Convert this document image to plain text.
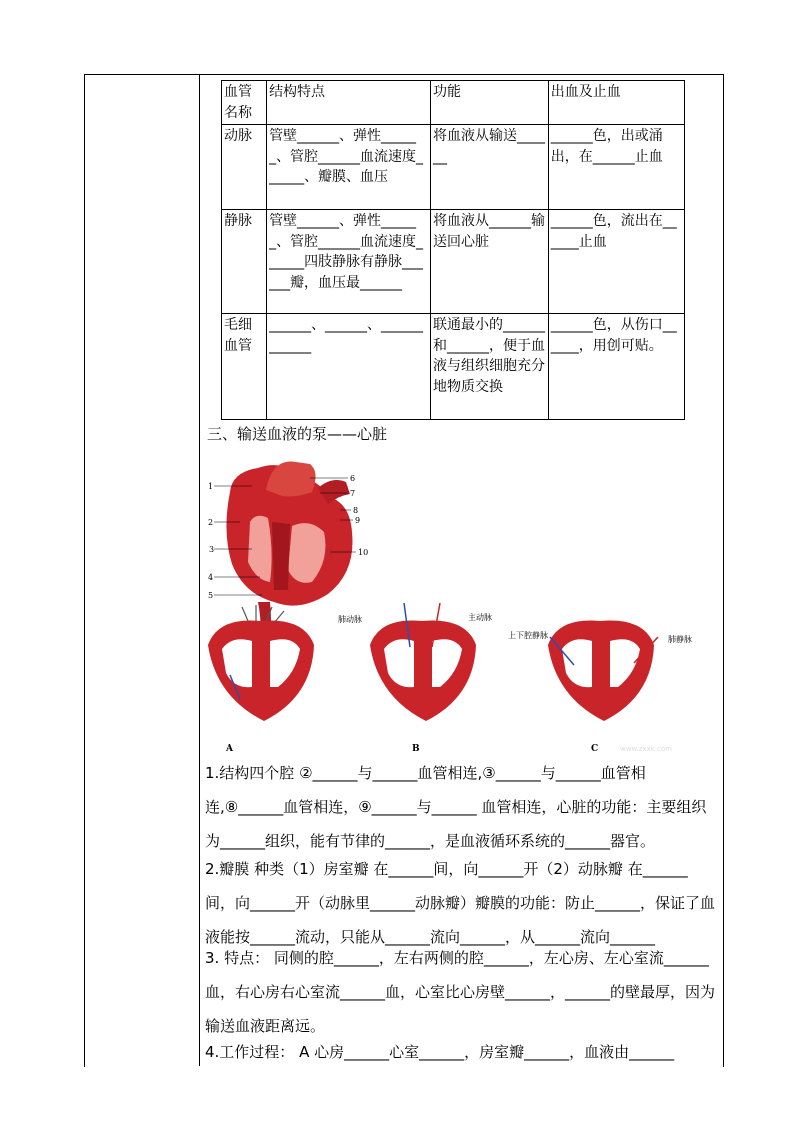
血管名称	结构特点	功能	出血及止血
动脉	管壁______、弹性______、管腔______血流速度______、瓣膜、血压	将血液从输送______	______色，出或涌出，在______止血
静脉	管壁______、弹性______、管腔______血流速度______四肢静脉有静脉______瓣，血压最______	将血液从______输送回心脏	______色，流出在______止血
毛细血管	______、______、____________	联通最小的______和______，便于血液与组织细胞充分地物质交换	______色，从伤口______，用创可贴。
三、输送血液的泵——心脏
1
2
3
4
5
6
7
8
9
10
A
肺动脉	主动脉
B
上下腔静脉	肺静脉
C	www.zxxk.com

1.结构四个腔 ②______与______血管相连,③______与______血管相连,⑧______血管相连，⑨______与______ 血管相连，心脏的功能：主要组织为______组织，能有节律的______，是血液循环系统的______器官。

2.瓣膜 种类（1）房室瓣 在______间，向______开（2）动脉瓣 在______间，向______开（动脉里______动脉瓣）瓣膜的功能：防止______，保证了血液能按______流动，只能从______流向______，从______流向______

3. 特点： 同侧的腔______，左右两侧的腔______，左心房、左心室流______血，右心房右心室流______血，心室比心房壁______，______的壁最厚，因为输送血液距离远。

4.工作过程： A 心房______心室______，房室瓣______，血液由______
